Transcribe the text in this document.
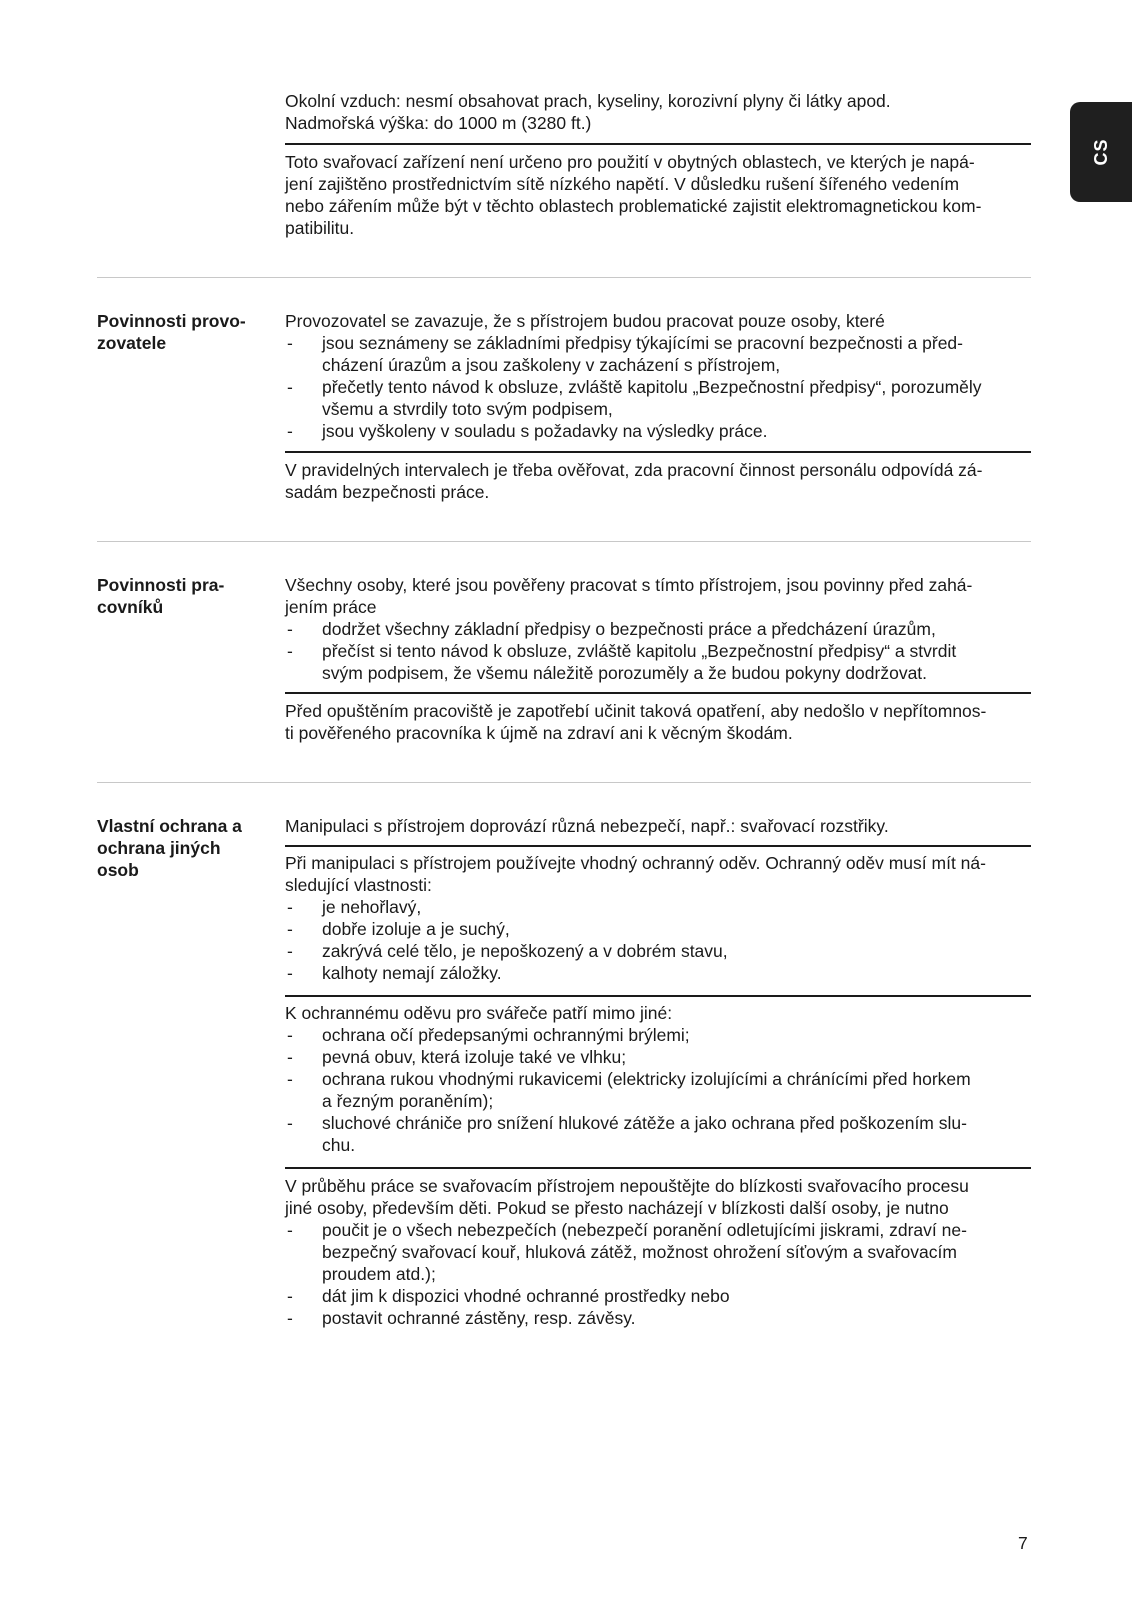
CS

Okolní vzduch: nesmí obsahovat prach, kyseliny, korozivní plyny či látky apod.

Nadmořská výška: do 1000 m (3280 ft.)

Toto svařovací zařízení není určeno pro použití v obytných oblastech, ve kterých je napá-

jení zajištěno prostřednictvím sítě nízkého napětí. V důsledku rušení šířeného vedením

nebo zářením může být v těchto oblastech problematické zajistit elektromagnetickou kom-

patibilitu.

Povinnosti provo-
zovatele

Provozovatel se zavazuje, že s přístrojem budou pracovat pouze osoby, které

- jsou seznámeny se základními předpisy týkajícími se pracovní bezpečnosti a před-
cházení úrazům a jsou zaškoleny v zacházení s přístrojem,
- přečetly tento návod k obsluze, zvláště kapitolu „Bezpečnostní předpisy“, porozuměly
všemu a stvrdily toto svým podpisem,
- jsou vyškoleny v souladu s požadavky na výsledky práce.

V pravidelných intervalech je třeba ověřovat, zda pracovní činnost personálu odpovídá zá-

sadám bezpečnosti práce.

Povinnosti pra-
covníků

Všechny osoby, které jsou pověřeny pracovat s tímto přístrojem, jsou povinny před zahá-

jením práce

- dodržet všechny základní předpisy o bezpečnosti práce a předcházení úrazům,
- přečíst si tento návod k obsluze, zvláště kapitolu „Bezpečnostní předpisy“ a stvrdit
svým podpisem, že všemu náležitě porozuměly a že budou pokyny dodržovat.

Před opuštěním pracoviště je zapotřebí učinit taková opatření, aby nedošlo v nepřítomnos-

ti pověřeného pracovníka k újmě na zdraví ani k věcným škodám.

Vlastní ochrana a
ochrana jiných
osob

Manipulaci s přístrojem doprovází různá nebezpečí, např.: svařovací rozstřiky.

Při manipulaci s přístrojem používejte vhodný ochranný oděv. Ochranný oděv musí mít ná-

sledující vlastnosti:

- je nehořlavý,
- dobře izoluje a je suchý,
- zakrývá celé tělo, je nepoškozený a v dobrém stavu,
- kalhoty nemají záložky.

K ochrannému oděvu pro svářeče patří mimo jiné:

- ochrana očí předepsanými ochrannými brýlemi;
- pevná obuv, která izoluje také ve vlhku;
- ochrana rukou vhodnými rukavicemi (elektricky izolujícími a chránícími před horkem
a řezným poraněním);
- sluchové chrániče pro snížení hlukové zátěže a jako ochrana před poškozením slu-
chu.

V průběhu práce se svařovacím přístrojem nepouštějte do blízkosti svařovacího procesu

jiné osoby, především děti. Pokud se přesto nacházejí v blízkosti další osoby, je nutno

- poučit je o všech nebezpečích (nebezpečí poranění odletujícími jiskrami, zdraví ne-
bezpečný svařovací kouř, hluková zátěž, možnost ohrožení síťovým a svařovacím
proudem atd.);
- dát jim k dispozici vhodné ochranné prostředky nebo
- postavit ochranné zástěny, resp. závěsy.
7
